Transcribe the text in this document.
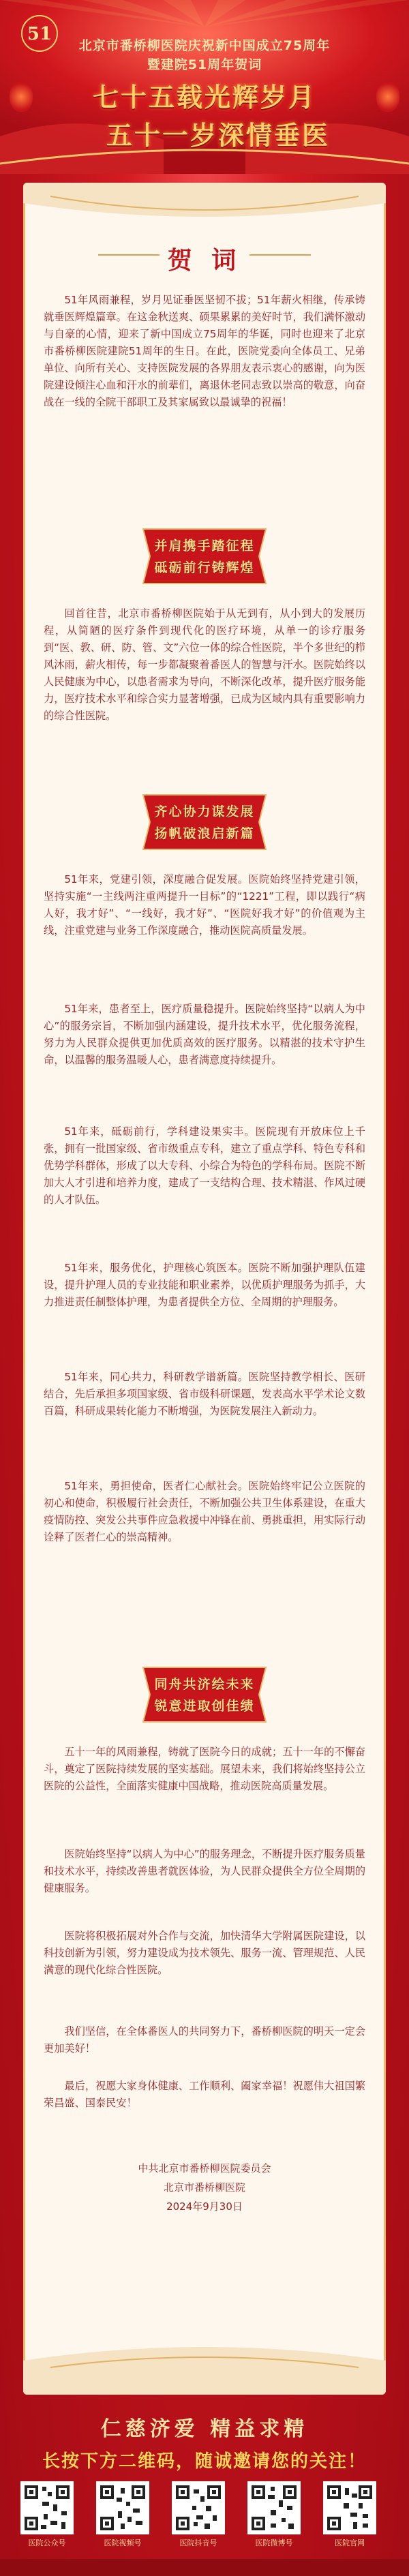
51
北京市番桥柳医院庆祝新中国成立75周年
暨建院51周年贺词
七十五载光辉岁月
五十一岁深情垂医
贺 词
51年风雨兼程，岁月见证垂医坚韧不拔；51年薪火相继，传承铸就垂医辉煌篇章。在这金秋送爽、硕果累累的美好时节，我们满怀激动与自豪的心情，迎来了新中国成立75周年的华诞，同时也迎来了北京市番桥柳医院建院51周年的生日。在此，医院党委向全体员工、兄弟单位、向所有关心、支持医院发展的各界朋友表示衷心的感谢，向为医院建设倾注心血和汗水的前辈们，离退休老同志致以崇高的敬意，向奋战在一线的全院干部职工及其家属致以最诚挚的祝福！
并肩携手踏征程
砥砺前行铸辉煌
回首往昔，北京市番桥柳医院始于从无到有，从小到大的发展历程，从简陋的医疗条件到现代化的医疗环境，从单一的诊疗服务到“医、教、研、防、管、文”六位一体的综合性医院，半个多世纪的栉风沐雨，薪火相传，每一步都凝聚着番医人的智慧与汗水。医院始终以人民健康为中心，以患者需求为导向，不断深化改革，提升医疗服务能力，医疗技术水平和综合实力显著增强，已成为区域内具有重要影响力的综合性医院。
齐心协力谋发展
扬帆破浪启新篇
51年来，党建引领，深度融合促发展。医院始终坚持党建引领，坚持实施“一主线两注重两提升一目标”的“1221”工程，即以践行“病人好，我才好”、“一线好，我才好”、“医院好我才好”的价值观为主线，注重党建与业务工作深度融合，推动医院高质量发展。
51年来，患者至上，医疗质量稳提升。医院始终坚持“以病人为中心”的服务宗旨，不断加强内涵建设，提升技术水平，优化服务流程，努力为人民群众提供更加优质高效的医疗服务。以精湛的技术守护生命，以温馨的服务温暖人心，患者满意度持续提升。
51年来，砥砺前行，学科建设果实丰。医院现有开放床位上千张，拥有一批国家级、省市级重点专科，建立了重点学科、特色专科和优势学科群体，形成了以大专科、小综合为特色的学科布局。医院不断加大人才引进和培养力度，建成了一支结构合理、技术精湛、作风过硬的人才队伍。
51年来，服务优化，护理核心筑医本。医院不断加强护理队伍建设，提升护理人员的专业技能和职业素养，以优质护理服务为抓手，大力推进责任制整体护理，为患者提供全方位、全周期的护理服务。
51年来，同心共力，科研教学谱新篇。医院坚持教学相长、医研结合，先后承担多项国家级、省市级科研课题，发表高水平学术论文数百篇，科研成果转化能力不断增强，为医院发展注入新动力。
51年来，勇担使命，医者仁心献社会。医院始终牢记公立医院的初心和使命，积极履行社会责任，不断加强公共卫生体系建设，在重大疫情防控、突发公共事件应急救援中冲锋在前、勇挑重担，用实际行动诠释了医者仁心的崇高精神。
同舟共济绘未来
锐意进取创佳绩
五十一年的风雨兼程，铸就了医院今日的成就；五十一年的不懈奋斗，奠定了医院持续发展的坚实基础。展望未来，我们将始终坚持公立医院的公益性，全面落实健康中国战略，推动医院高质量发展。
医院始终坚持“以病人为中心”的服务理念，不断提升医疗服务质量和技术水平，持续改善患者就医体验，为人民群众提供全方位全周期的健康服务。
医院将积极拓展对外合作与交流，加快清华大学附属医院建设，以科技创新为引领，努力建设成为技术领先、服务一流、管理规范、人民满意的现代化综合性医院。
我们坚信，在全体番医人的共同努力下，番桥柳医院的明天一定会更加美好！
最后，祝愿大家身体健康、工作顺利、阖家幸福！祝愿伟大祖国繁荣昌盛、国泰民安！
中共北京市番桥柳医院委员会
北京市番桥柳医院
2024年9月30日
仁慈济爱 精益求精
长按下方二维码，随诚邀请您的关注！
医院公众号	医院视频号	医院抖音号	医院微博号	医院官网
